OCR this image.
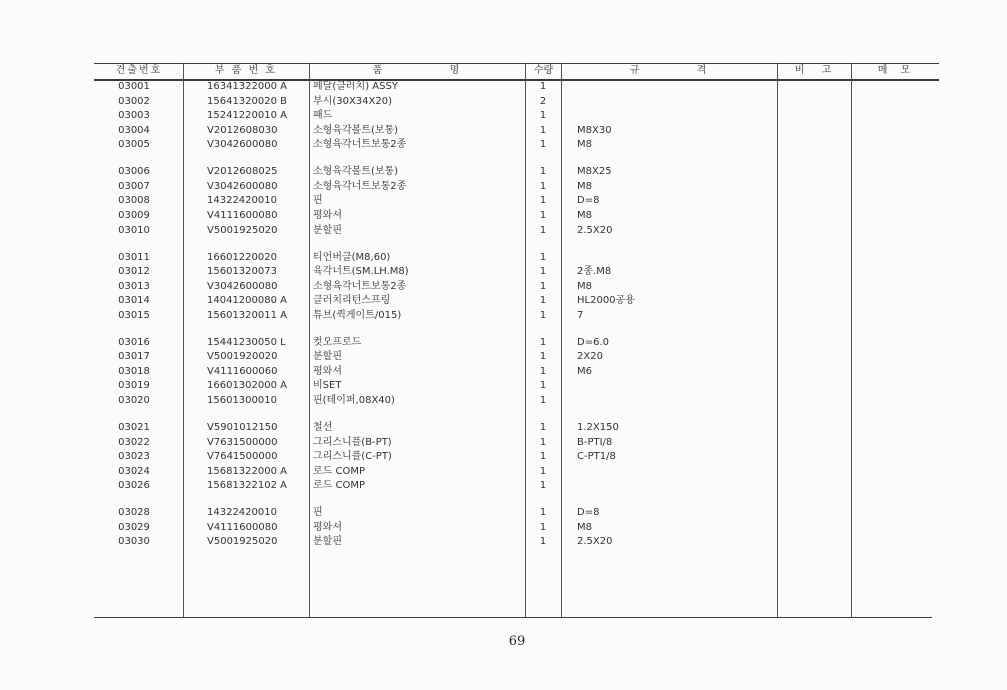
견출번호	부 품 번 호	품 명	수량	규 격	비 고	메 모
03001	16341322000 A	페달(클러치) ASSY	1
03002	15641320020 B	부시(30X34X20)	2
03003	15241220010 A	패드	1
03004	V2012608030	소형육각볼트(보통)	1	M8X30
03005	V3042600080	소형육각너트보통2종	1	M8
03006	V2012608025	소형육각볼트(보통)	1	M8X25
03007	V3042600080	소형육각너트보통2종	1	M8
03008	14322420010	핀	1	D=8
03009	V4111600080	평와셔	1	M8
03010	V5001925020	분할핀	1	2.5X20
03011	16601220020	티언버클(M8,60)	1
03012	15601320073	육각너트(SM.LH.M8)	1	2종.M8
03013	V3042600080	소형육각너트보통2종	1	M8
03014	14041200080 A	클러치리턴스프링	1	HL2000공용
03015	15601320011 A	튜브(퀵게이트/015)	1	7
03016	15441230050 L	컷오프로드	1	D=6.0
03017	V5001920020	분할핀	1	2X20
03018	V4111600060	평와셔	1	M6
03019	16601302000 A	비SET	1
03020	15601300010	핀(테이퍼,08X40)	1
03021	V5901012150	철선	1	1.2X150
03022	V7631500000	그리스니플(B-PT)	1	B-PTI/8
03023	V7641500000	그리스니플(C-PT)	1	C-PT1/8
03024	15681322000 A	로드 COMP	1
03026	15681322102 A	로드 COMP	1
03028	14322420010	핀	1	D=8
03029	V4111600080	평와셔	1	M8
03030	V5001925020	분할핀	1	2.5X20
69
